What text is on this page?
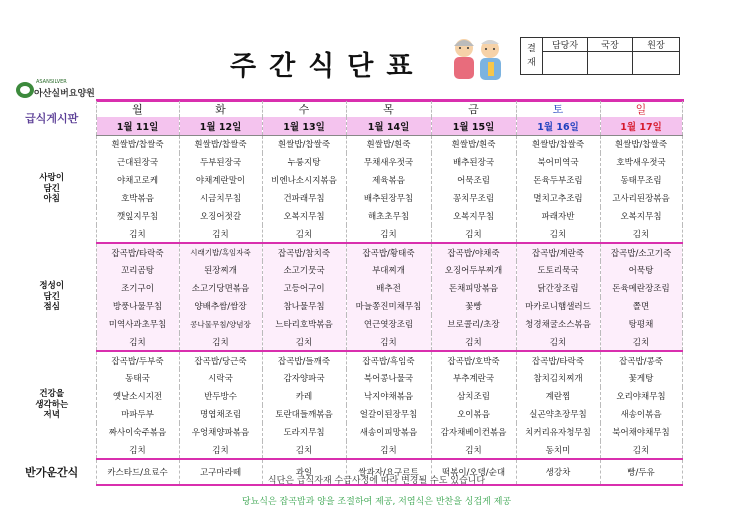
주간식단표
ASANSILVER
아산실버요양원
결
재	담당자	국장	원장

급식게시판	월	화	수	목	금	토	일
	1월 11일	1월 12일	1월 13일	1월 14일	1월 15일	1월 16일	1월 17일
사랑이
담긴
아침	흰쌀밥/찹쌀죽	흰쌀밥/찹쌀죽	흰쌀밥/찹쌀죽	흰쌀밥/흰죽	흰쌀밥/흰죽	흰쌀밥/찹쌀죽	흰쌀밥/찹쌀죽
	근대된장국	두부된장국	누룽지탕	무채새우젓국	배추된장국	북어미역국	호박새우젓국
	야채고로케	야채계란말이	비엔나소시지볶음	제육볶음	어묵조림	돈육두부조림	동태무조림
	호박볶음	시금치무침	건파래무침	배추된장무침	꽁치무조림	멸치고추조림	고사리된장볶음
	깻잎지무침	오징어젓갈	오복지무침	해초초무침	오복지무침	파래자반	오복지무침
	김치	김치	김치	김치	김치	김치	김치
정성이
담긴
점심	잡곡밥/타락죽	시래기밥/흑임자죽	잡곡밥/참치죽	잡곡밥/황태죽	잡곡밥/야채죽	잡곡밥/계란죽	잡곡밥/소고기죽
	꼬리곰탕	된장찌개	소고기뭇국	부대찌개	오징어두부찌개	도토리묵국	어묵탕
	조기구이	소고기당면볶음	고등어구이	배추전	돈채피망볶음	닭간장조림	돈육메란장조림
	방풍나물무침	양배추쌈/쌈장	참나물무침	마늘쫑진미채무침	꽃빵	마카로니햄샐러드	쫄면
	미역사과초무침	콩나물무침/양념장	느타리호박볶음	연근엿장조림	브로콜리/초장	청경채굴소스볶음	탕평채
	김치	김치	김치	김치	김치	김치	김치
건강을
생각하는
저녁	잡곡밥/두부죽	잡곡밥/당근죽	잡곡밥/들깨죽	잡곡밥/흑임죽	잡곡밥/호박죽	잡곡밥/타락죽	잡곡밥/콩죽
	동태국	시락국	감자양파국	북어콩나물국	부추계란국	참치김치찌개	꽃게탕
	옛날소시지전	반두방수	카레	낙지야채볶음	삼치조림	계란찜	오리야채무침
	마파두부	명엽채조림	토란대들깨볶음	얼갈이된장무침	오이볶음	실곤약초장무침	새송이볶음
	짜사이숙주볶음	우엉채양파볶음	도라지무침	새송이피망볶음	감자채베이컨볶음	치커리유자청무침	북어채야채무침
	김치	김치	김치	김치	김치	동치미	김치
반가운간식	카스타드/요료수	고구마라떼	과일	쌀과자/요구르트	떡볶이/오뎅/순대	생강차	빵/두유
식단은 급식자재 수급사정에 따라 변경될 수도 있습니다
당뇨식은 잡곡밥과 양을 조절하여 제공, 저염식은 반찬을 싱겁게 제공
